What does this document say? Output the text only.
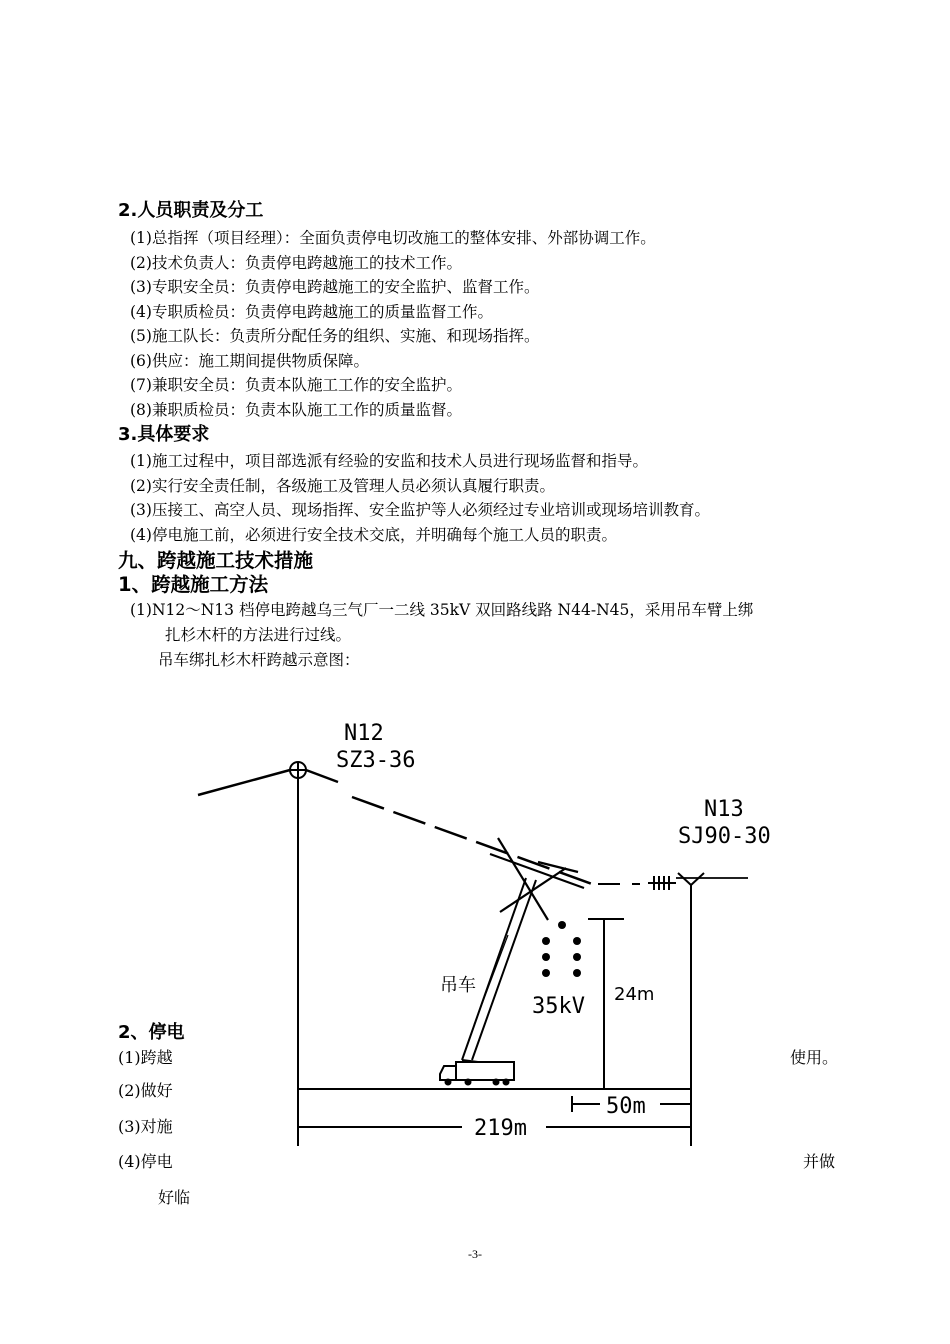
2.人员职责及分工
(1)总指挥（项目经理）：全面负责停电切改施工的整体安排、外部协调工作。
(2)技术负责人：负责停电跨越施工的技术工作。
(3)专职安全员：负责停电跨越施工的安全监护、监督工作。
(4)专职质检员：负责停电跨越施工的质量监督工作。
(5)施工队长：负责所分配任务的组织、实施、和现场指挥。
(6)供应：施工期间提供物质保障。
(7)兼职安全员：负责本队施工工作的安全监护。
(8)兼职质检员：负责本队施工工作的质量监督。
3.具体要求
(1)施工过程中，项目部选派有经验的安监和技术人员进行现场监督和指导。
(2)实行安全责任制，各级施工及管理人员必须认真履行职责。
(3)压接工、高空人员、现场指挥、安全监护等人必须经过专业培训或现场培训教育。
(4)停电施工前，必须进行安全技术交底，并明确每个施工人员的职责。
九、跨越施工技术措施
1、跨越施工方法
(1)N12～N13 档停电跨越乌三气厂一二线 35kV 双回路线路 N44-N45，采用吊车臂上绑
扎杉木杆的方法进行过线。
吊车绑扎杉木杆跨越示意图：
2、停电
(1)跨越	使用。
(2)做好
(3)对施
(4)停电	并做
好临
N12
SZ3-36
N13
SJ90-30
吊车
35kV 24m
50m
219m
-3-
